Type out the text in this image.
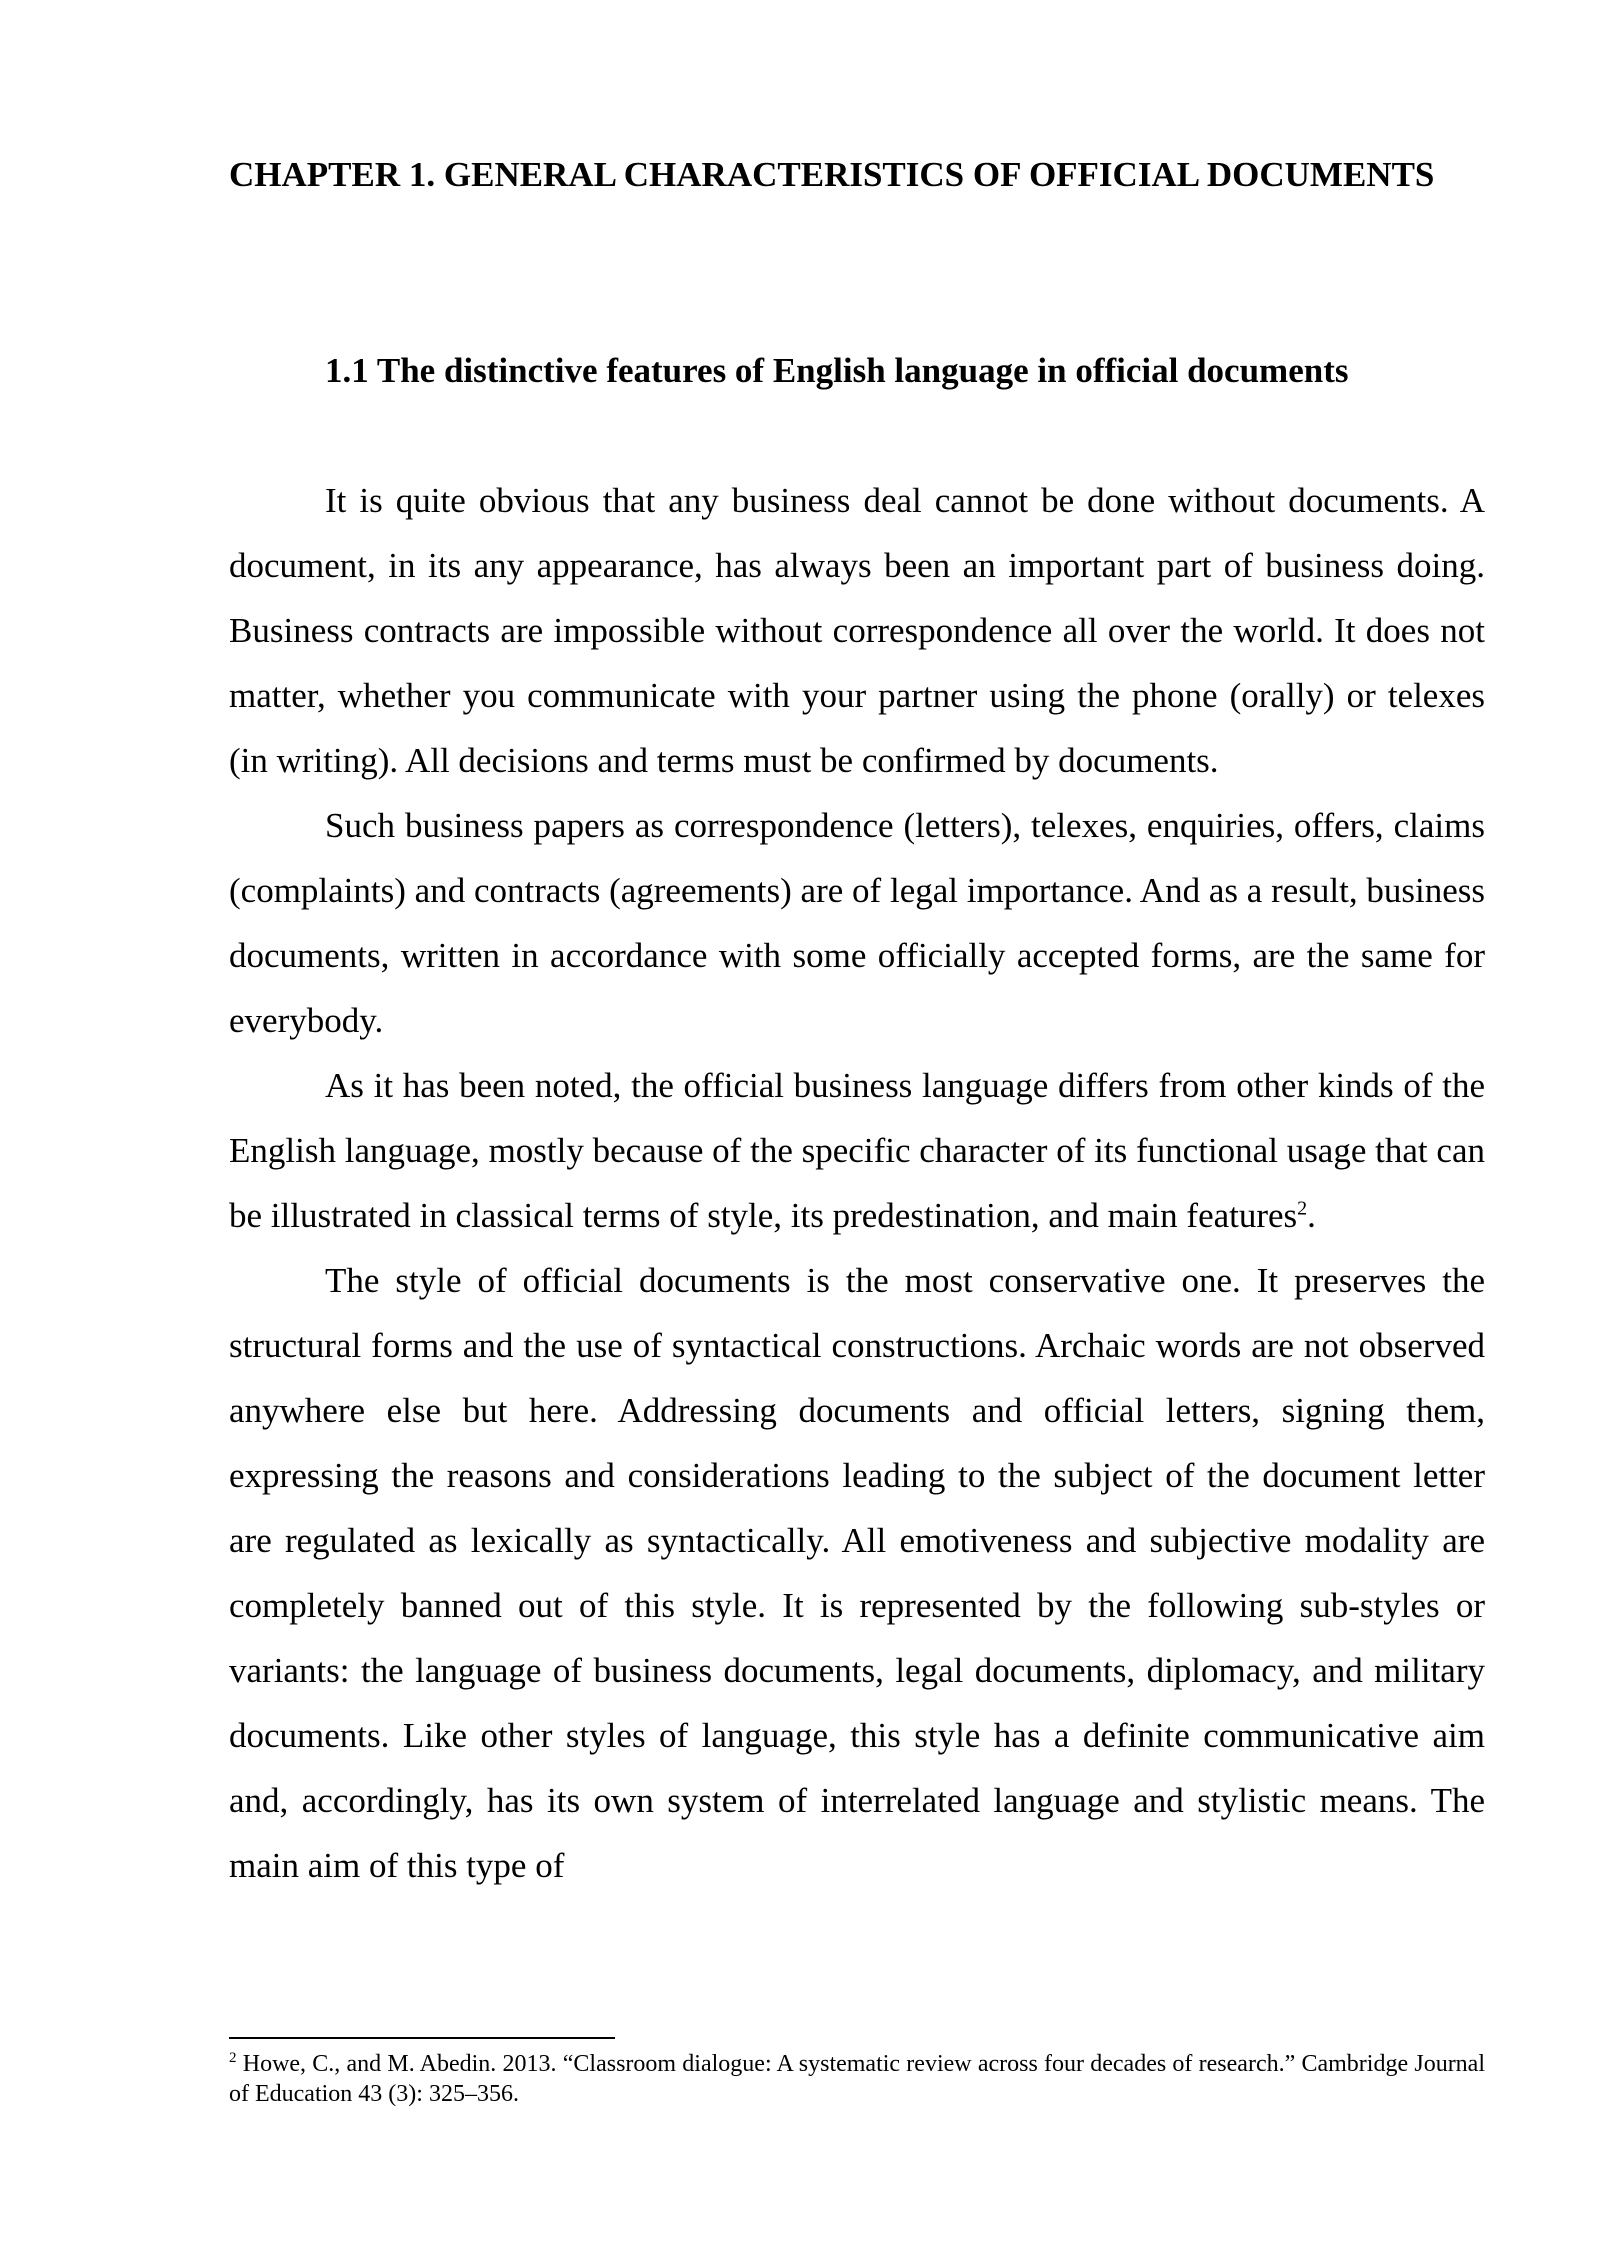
CHAPTER 1. GENERAL CHARACTERISTICS OF OFFICIAL DOCUMENTS
1.1 The distinctive features of English language in official documents

It is quite obvious that any business deal cannot be done without documents. A document, in its any appearance, has always been an important part of business doing. Business contracts are impossible without correspondence all over the world. It does not matter, whether you communicate with your partner using the phone (orally) or telexes (in writing). All decisions and terms must be confirmed by documents.

Such business papers as correspondence (letters), telexes, enquiries, offers, claims (complaints) and contracts (agreements) are of legal importance. And as a result, business documents, written in accordance with some officially accepted forms, are the same for everybody.

As it has been noted, the official business language differs from other kinds of the English language, mostly because of the specific character of its functional usage that can be illustrated in classical terms of style, its predestination, and main features$^2$.

The style of official documents is the most conservative one. It preserves the structural forms and the use of syntactical constructions. Archaic words are not observed anywhere else but here. Addressing documents and official letters, signing them, expressing the reasons and considerations leading to the subject of the document letter are regulated as lexically as syntactically. All emotiveness and subjective modality are completely banned out of this style. It is represented by the following sub-styles or variants: the language of business documents, legal documents, diplomacy, and military documents. Like other styles of language, this style has a definite communicative aim and, accordingly, has its own system of interrelated language and stylistic means. The main aim of this type of

$^2$ Howe, C., and M. Abedin. 2013. “Classroom dialogue: A systematic review across four decades of research.” Cambridge Journal of Education 43 (3): 325–356.
